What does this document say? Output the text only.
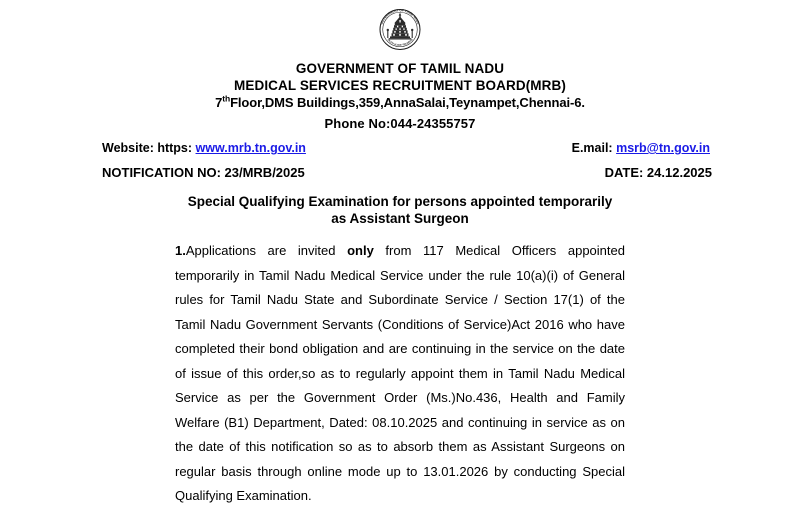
GOVERNMENT OF TAMIL NADU
TRUTH ALONE TRIUMPHS
GOVERNMENT OF TAMIL NADU
MEDICAL SERVICES RECRUITMENT BOARD(MRB)
7thFloor,DMS Buildings,359,AnnaSalai,Teynampet,Chennai-6.
Phone No:044-24355757
Website: https: www.mrb.tn.gov.in	E.mail: msrb@tn.gov.in
NOTIFICATION NO: 23/MRB/2025	DATE: 24.12.2025
Special Qualifying Examination for persons appointed temporarily
as Assistant Surgeon

1.Applications are invited only from 117 Medical Officers appointed temporarily in Tamil Nadu Medical Service under the rule 10(a)(i) of General rules for Tamil Nadu State and Subordinate Service / Section 17(1) of the Tamil Nadu Government Servants (Conditions of Service)Act 2016 who have completed their bond obligation and are continuing in the service on the date of issue of this order,so as to regularly appoint them in Tamil Nadu Medical Service as per the Government Order (Ms.)No.436, Health and Family Welfare (B1) Department, Dated: 08.10.2025 and continuing in service as on the date of this notification so as to absorb them as Assistant Surgeons on regular basis through online mode up to 13.01.2026 by conducting Special Qualifying Examination.
